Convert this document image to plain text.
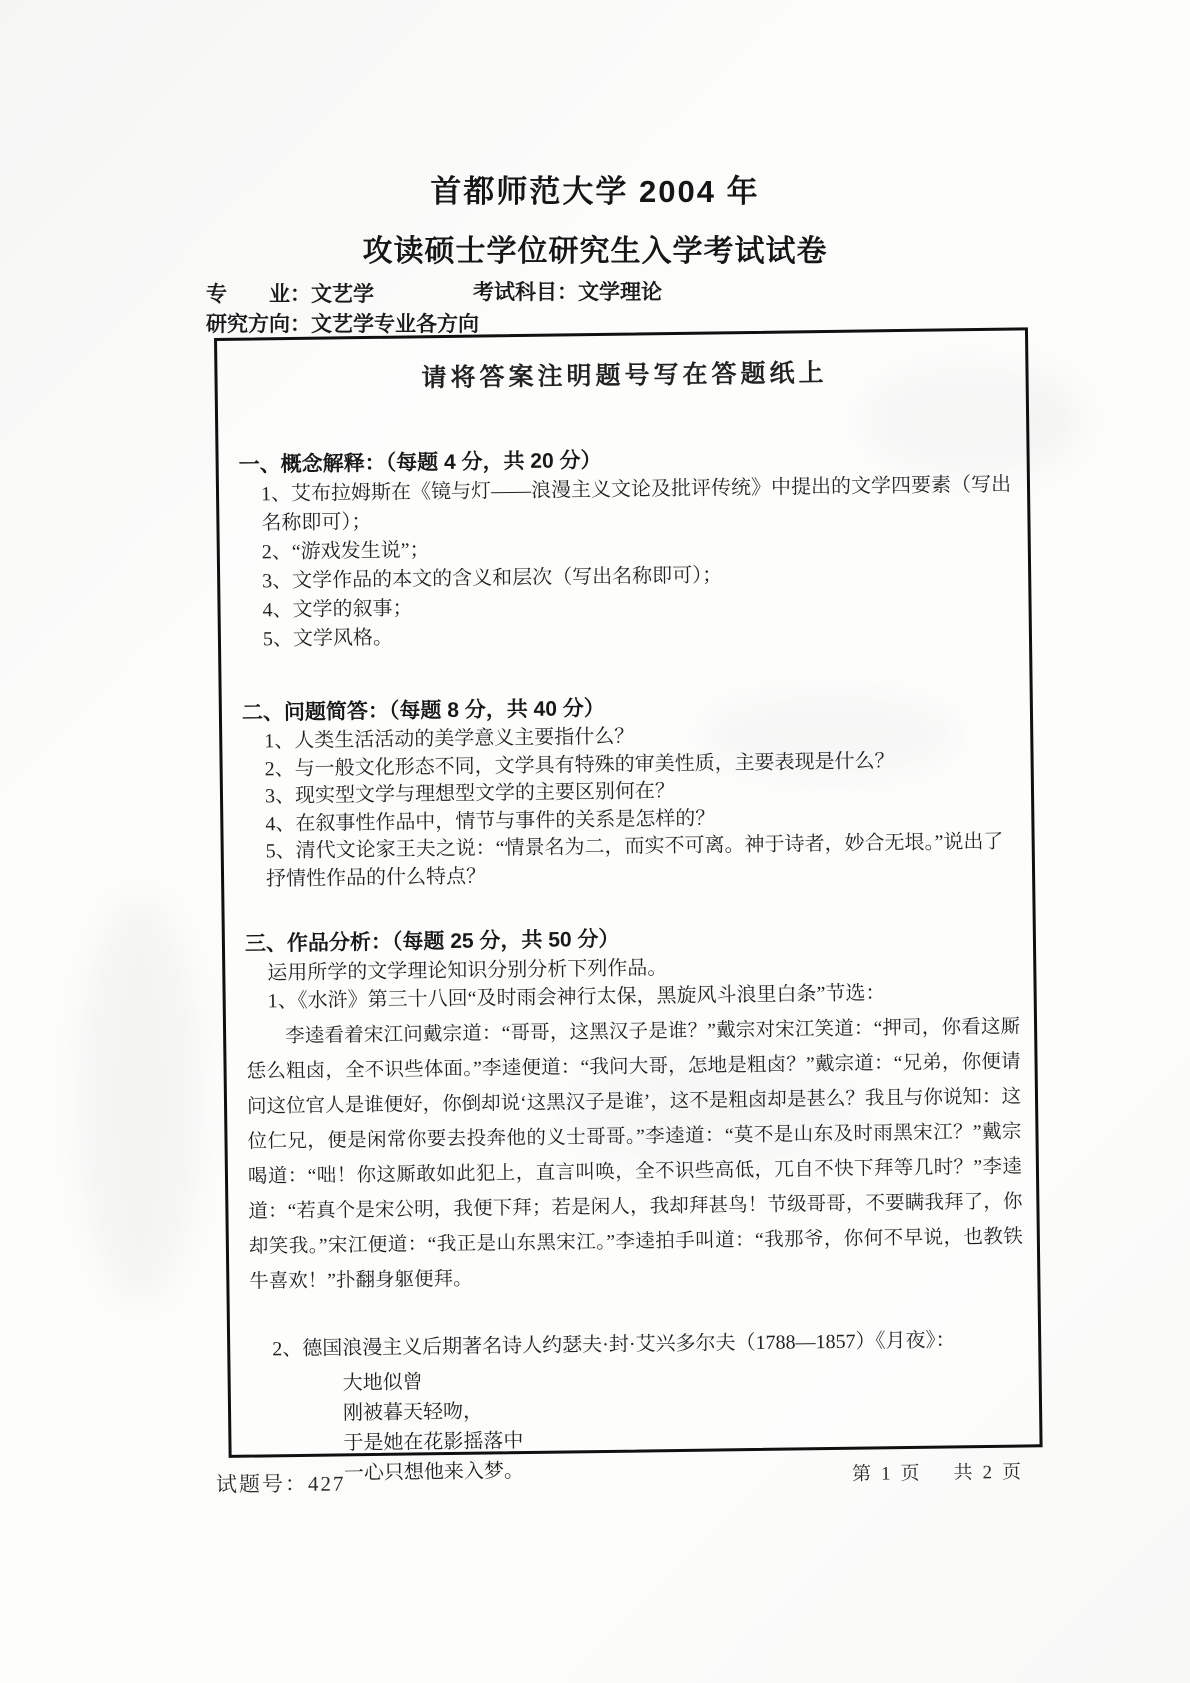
首都师范大学 2004 年
攻读硕士学位研究生入学考试试卷
专　　业：文艺学	考试科目：文学理论
研究方向：文艺学专业各方向
请将答案注明题号写在答题纸上
一、概念解释：（每题 4 分，共 20 分）
1、艾布拉姆斯在《镜与灯——浪漫主义文论及批评传统》中提出的文学四要素（写出名称即可）；
2、“游戏发生说”；
3、文学作品的本文的含义和层次（写出名称即可）；
4、文学的叙事；
5、文学风格。
二、问题简答：（每题 8 分，共 40 分）
1、人类生活活动的美学意义主要指什么？
2、与一般文化形态不同，文学具有特殊的审美性质，主要表现是什么？
3、现实型文学与理想型文学的主要区别何在？
4、在叙事性作品中，情节与事件的关系是怎样的？
5、清代文论家王夫之说：“情景名为二，而实不可离。神于诗者，妙合无垠。”说出了抒情性作品的什么特点？
三、作品分析：（每题 25 分，共 50 分）
运用所学的文学理论知识分别分析下列作品。
1、《水浒》第三十八回“及时雨会神行太保，黑旋风斗浪里白条”节选：
李逵看着宋江问戴宗道：“哥哥，这黑汉子是谁？”戴宗对宋江笑道：“押司，你看这厮恁么粗卤，全不识些体面。”李逵便道：“我问大哥，怎地是粗卤？”戴宗道：“兄弟，你便请问这位官人是谁便好，你倒却说‘这黑汉子是谁’，这不是粗卤却是甚么？我且与你说知：这位仁兄，便是闲常你要去投奔他的义士哥哥。”李逵道：“莫不是山东及时雨黑宋江？”戴宗喝道：“咄！你这厮敢如此犯上，直言叫唤，全不识些高低，兀自不快下拜等几时？”李逵道：“若真个是宋公明，我便下拜；若是闲人，我却拜甚鸟！节级哥哥，不要瞒我拜了，你却笑我。”宋江便道：“我正是山东黑宋江。”李逵拍手叫道：“我那爷，你何不早说，也教铁牛喜欢！”扑翻身躯便拜。
2、德国浪漫主义后期著名诗人约瑟夫·封·艾兴多尔夫（1788—1857）《月夜》：
大地似曾
刚被暮天轻吻，
于是她在花影摇落中
一心只想他来入梦。
试题号：427	第 1 页 共 2 页
